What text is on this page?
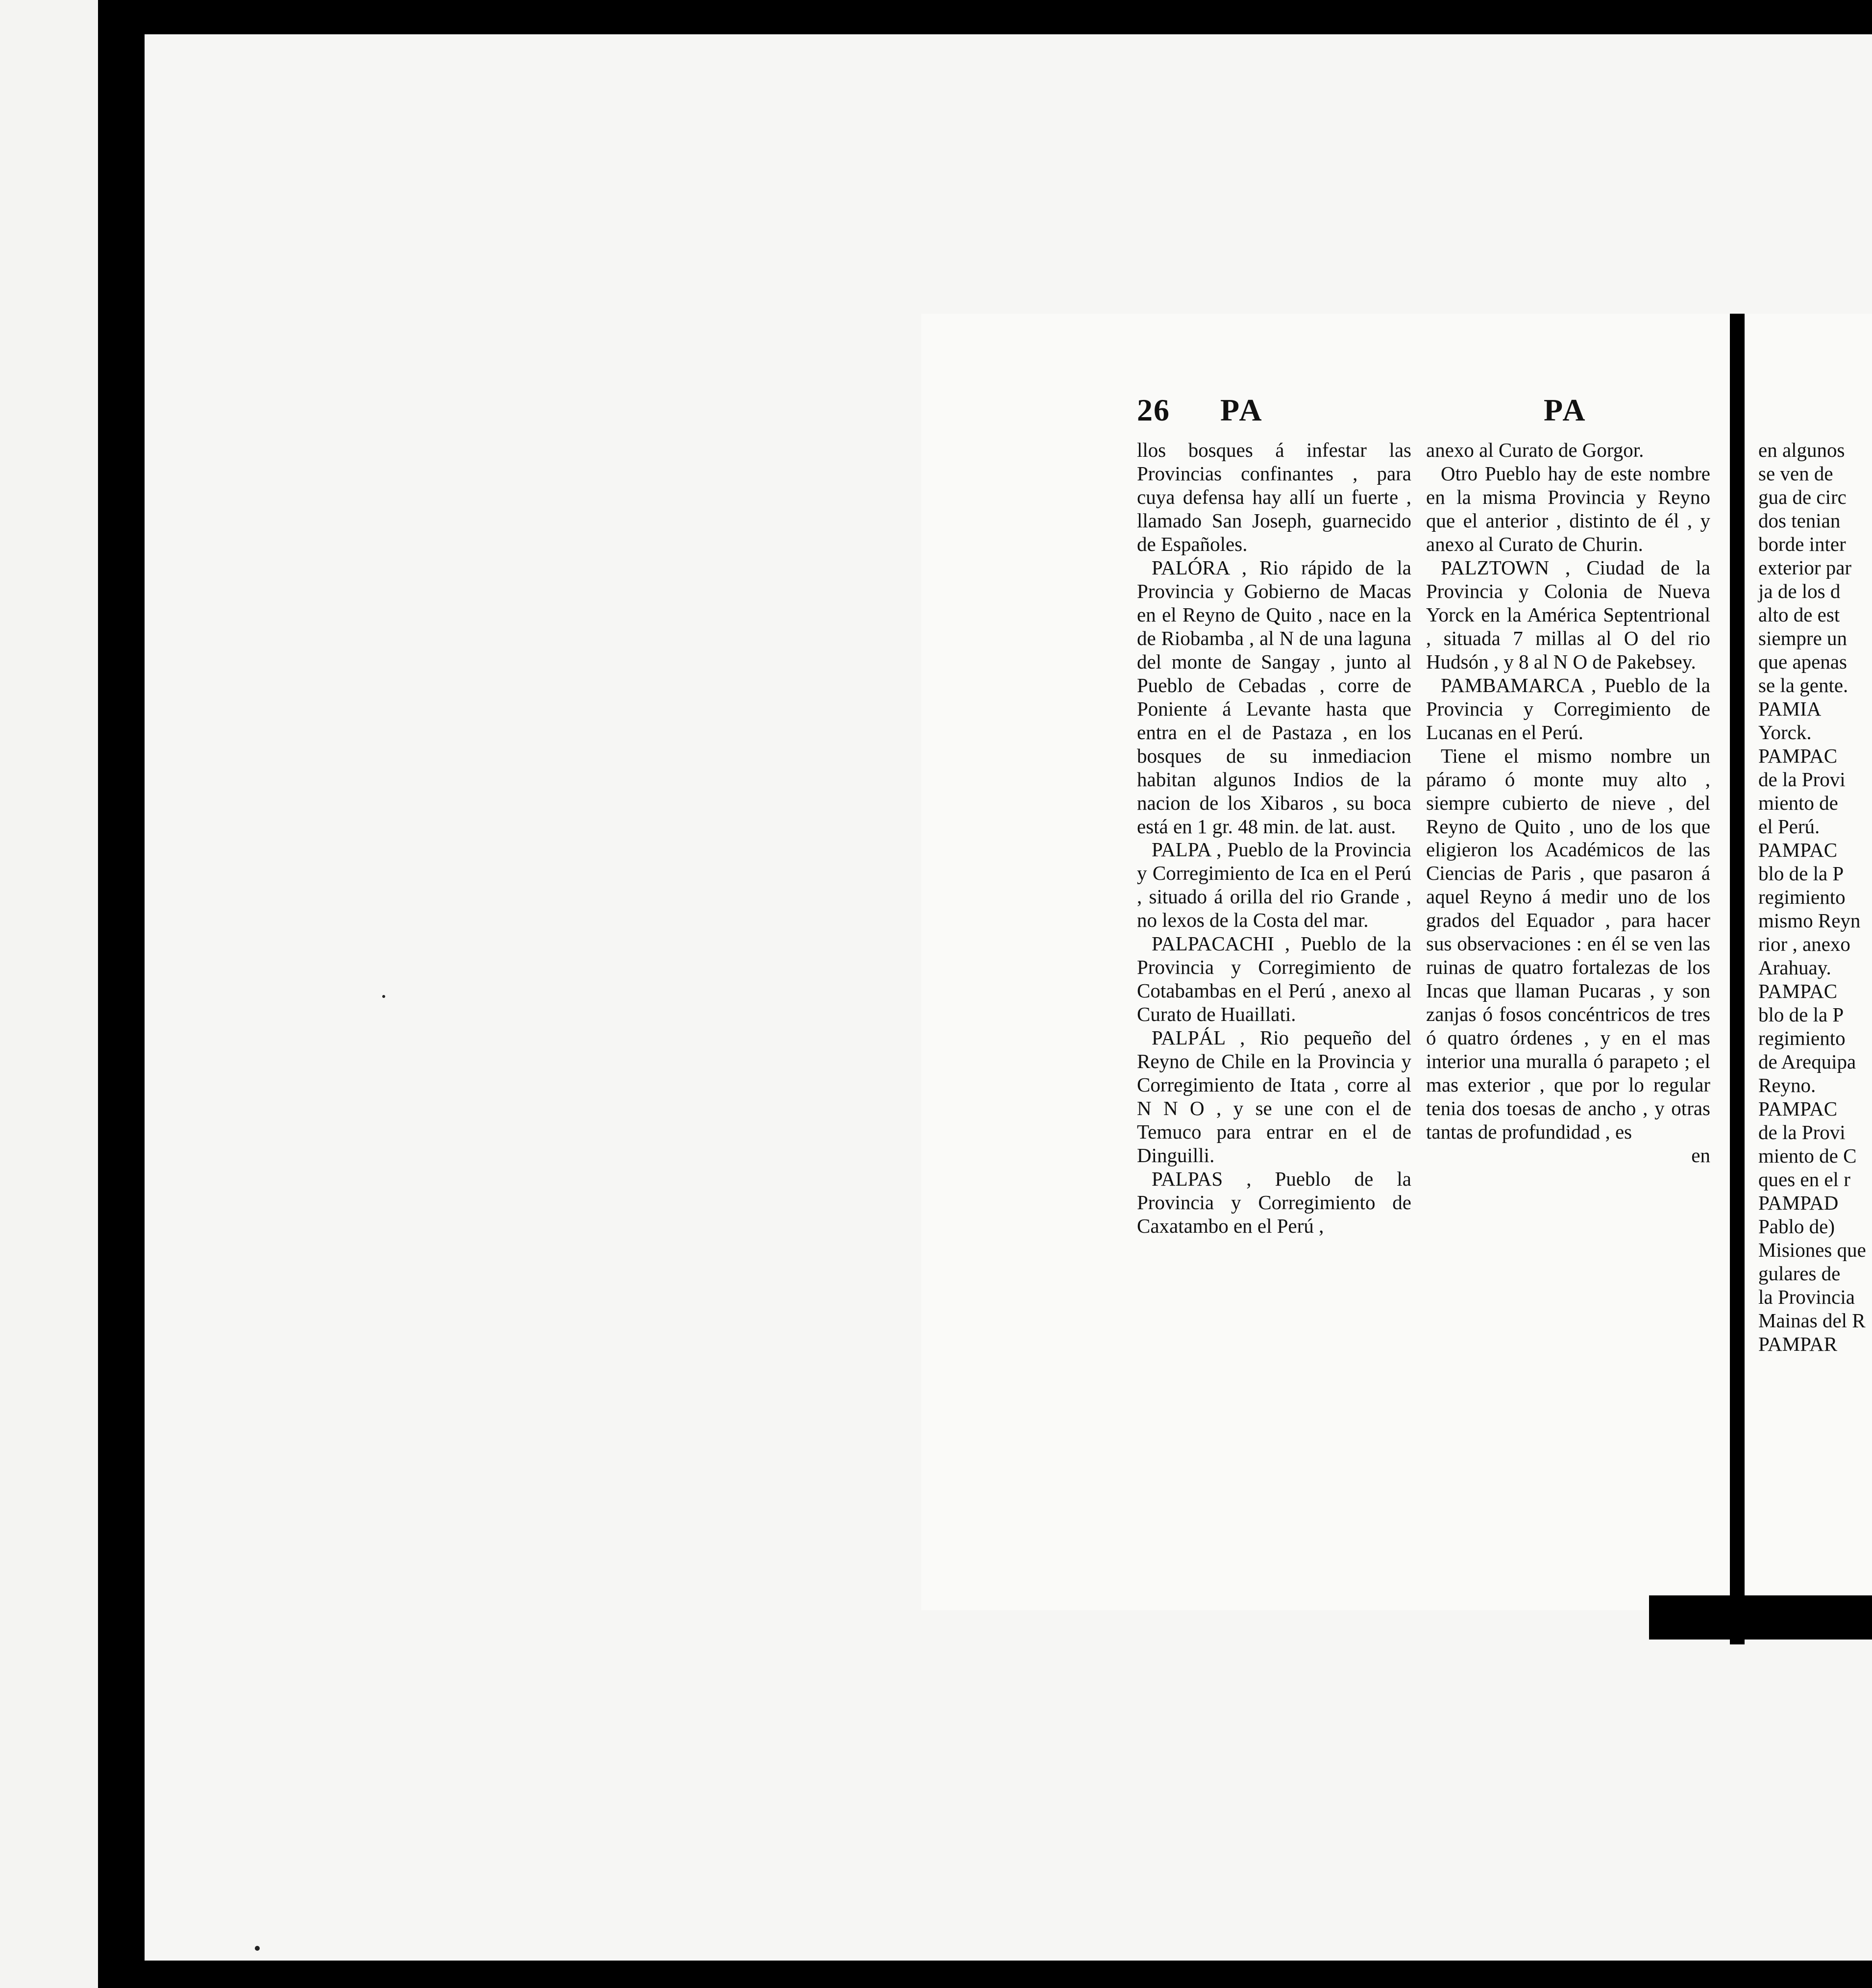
26 PA	PA

llos bosques á infestar las Provincias confinantes , para cuya defensa hay allí un fuerte , llamado San Joseph, guarnecido de Españoles.

PALÓRA , Rio rápido de la Provincia y Gobierno de Macas en el Reyno de Quito , nace en la de Riobamba , al N de una laguna del monte de Sangay , junto al Pueblo de Cebadas , corre de Poniente á Levante hasta que entra en el de Pastaza , en los bosques de su inmediacion habitan algunos Indios de la nacion de los Xibaros , su boca está en 1 gr. 48 min. de lat. aust.

PALPA , Pueblo de la Provincia y Corregimiento de Ica en el Perú , situado á orilla del rio Grande , no lexos de la Costa del mar.

PALPACACHI , Pueblo de la Provincia y Corregimiento de Cotabambas en el Perú , anexo al Curato de Huaillati.

PALPÁL , Rio pequeño del Reyno de Chile en la Provincia y Corregimiento de Itata , corre al N N O , y se une con el de Temuco para entrar en el de Dinguilli.

PALPAS , Pueblo de la Provincia y Corregimiento de Caxatambo en el Perú ,

anexo al Curato de Gorgor.

Otro Pueblo hay de este nombre en la misma Provincia y Reyno que el anterior , distinto de él , y anexo al Curato de Churin.

PALZTOWN , Ciudad de la Provincia y Colonia de Nueva Yorck en la América Septentrional , situada 7 millas al O del rio Hudsón , y 8 al N O de Pakebsey.

PAMBAMARCA , Pueblo de la Provincia y Corregimiento de Lucanas en el Perú.

Tiene el mismo nombre un páramo ó monte muy alto , siempre cubierto de nieve , del Reyno de Quito , uno de los que eligieron los Académicos de las Ciencias de Paris , que pasaron á aquel Reyno á medir uno de los grados del Equador , para hacer sus observaciones : en él se ven las ruinas de quatro fortalezas de los Incas que llaman Pucaras , y son zanjas ó fosos concéntricos de tres ó quatro órdenes , y en el mas interior una muralla ó parapeto ; el mas exterior , que por lo regular tenia dos toesas de ancho , y otras tantas de profundidad , es

en

en algunos
se ven de
gua de circ
dos tenian
borde inter
exterior par
ja de los d
alto de est
siempre un
que apenas
se la gente.
PAMIA
Yorck.
PAMPAC
de la Provi
miento de
el Perú.
PAMPAC
blo de la P
regimiento
mismo Reyn
rior , anexo
Arahuay.
PAMPAC
blo de la P
regimiento
de Arequipa
Reyno.
PAMPAC
de la Provi
miento de C
ques en el r
PAMPAD
Pablo de)
Misiones que
gulares de
la Provincia
Mainas del R
PAMPAR
